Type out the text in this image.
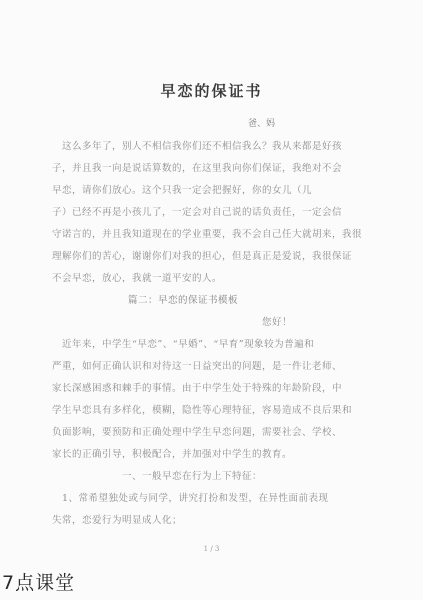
早恋的保证书
爸、妈
这么多年了，别人不相信我你们还不相信我么？我从来都是好孩
子，并且我一向是说话算数的，在这里我向你们保证，我绝对不会
早恋，请你们放心。这个只我一定会把握好，你的女儿（儿
子）已经不再是小孩儿了，一定会对自己说的话负责任，一定会信
守诺言的，并且我知道现在的学业重要，我不会自己任大就胡来，我很
理解你们的苦心，谢谢你们对我的担心，但是真正是爱说，我很保证
不会早恋，放心，我就一道平安的人。
篇二：早恋的保证书模板
您好！
近年来，中学生“早恋”、“早婚”、“早育”现象较为普遍和
严重，如何正确认识和对待这一日益突出的问题，是一件让老师、
家长深感困惑和棘手的事情。由于中学生处于特殊的年龄阶段，中
学生早恋具有多样化，模糊，隐性等心理特征，容易造成不良后果和
负面影响，要预防和正确处理中学生早恋问题，需要社会、学校、
家长的正确引导，积极配合，并加强对中学生的教育。
一、一般早恋在行为上下特征：
1、常希望独处或与同学，讲究打扮和发型，在异性面前表现
失常，恋爱行为明显成人化；
1 / 3
7点课堂
